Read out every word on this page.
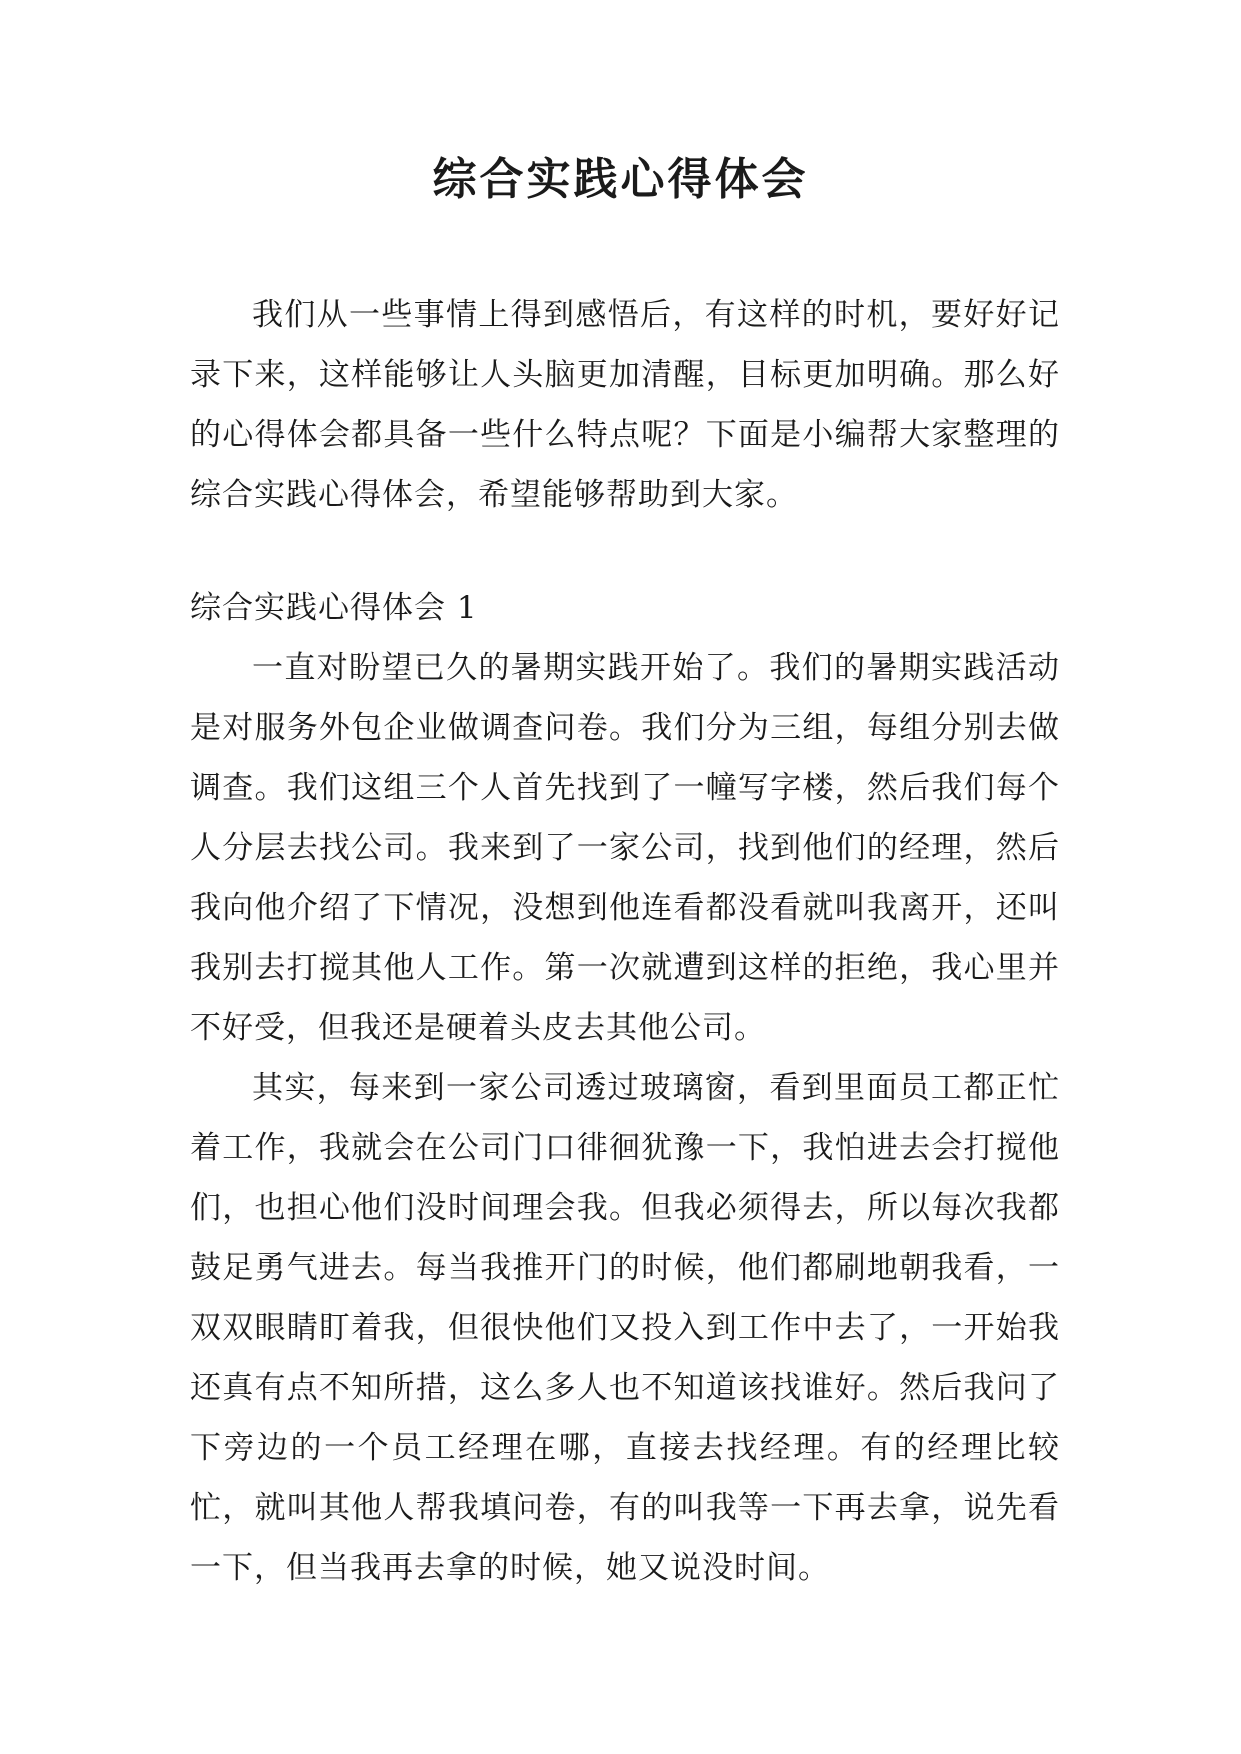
综合实践心得体会

我们从一些事情上得到感悟后，有这样的时机，要好好记录下来，这样能够让人头脑更加清醒，目标更加明确。那么好的心得体会都具备一些什么特点呢？下面是小编帮大家整理的综合实践心得体会，希望能够帮助到大家。

综合实践心得体会 1

一直对盼望已久的暑期实践开始了。我们的暑期实践活动是对服务外包企业做调查问卷。我们分为三组，每组分别去做调查。我们这组三个人首先找到了一幢写字楼，然后我们每个人分层去找公司。我来到了一家公司，找到他们的经理，然后我向他介绍了下情况，没想到他连看都没看就叫我离开，还叫我别去打搅其他人工作。第一次就遭到这样的拒绝，我心里并不好受，但我还是硬着头皮去其他公司。

其实，每来到一家公司透过玻璃窗，看到里面员工都正忙着工作，我就会在公司门口徘徊犹豫一下，我怕进去会打搅他们，也担心他们没时间理会我。但我必须得去，所以每次我都鼓足勇气进去。每当我推开门的时候，他们都刷地朝我看，一双双眼睛盯着我，但很快他们又投入到工作中去了，一开始我还真有点不知所措，这么多人也不知道该找谁好。然后我问了下旁边的一个员工经理在哪，直接去找经理。有的经理比较忙，就叫其他人帮我填问卷，有的叫我等一下再去拿，说先看一下，但当我再去拿的时候，她又说没时间。
